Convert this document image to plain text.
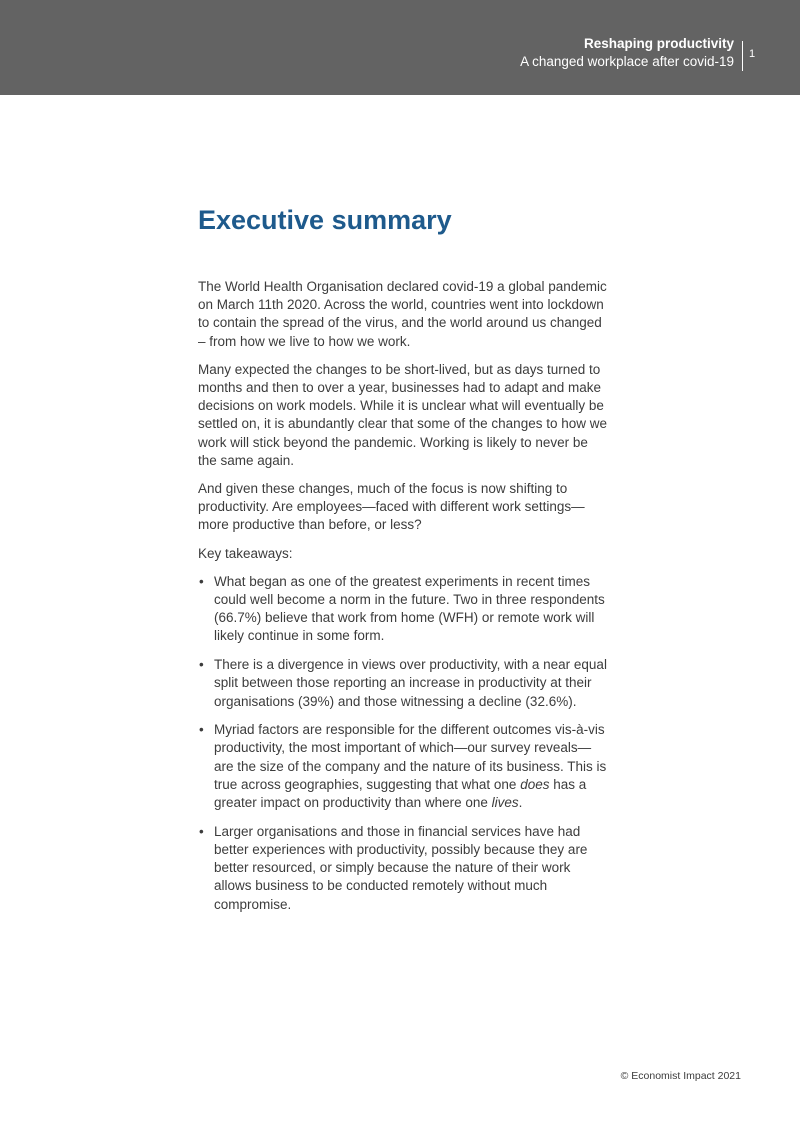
Reshaping productivity
A changed workplace after covid-19 1
Executive summary

The World Health Organisation declared covid-19 a global pandemic on March 11th 2020. Across the world, countries went into lockdown to contain the spread of the virus, and the world around us changed – from how we live to how we work.

Many expected the changes to be short-lived, but as days turned to months and then to over a year, businesses had to adapt and make decisions on work models. While it is unclear what will eventually be settled on, it is abundantly clear that some of the changes to how we work will stick beyond the pandemic. Working is likely to never be the same again.

And given these changes, much of the focus is now shifting to productivity. Are employees—faced with different work settings—more productive than before, or less?

Key takeaways:

• What began as one of the greatest experiments in recent times could well become a norm in the future. Two in three respondents (66.7%) believe that work from home (WFH) or remote work will likely continue in some form.
• There is a divergence in views over productivity, with a near equal split between those reporting an increase in productivity at their organisations (39%) and those witnessing a decline (32.6%).
• Myriad factors are responsible for the different outcomes vis-à-vis productivity, the most important of which—our survey reveals—are the size of the company and the nature of its business. This is true across geographies, suggesting that what one does has a greater impact on productivity than where one lives.
• Larger organisations and those in financial services have had better experiences with productivity, possibly because they are better resourced, or simply because the nature of their work allows business to be conducted remotely without much compromise.
© Economist Impact 2021
